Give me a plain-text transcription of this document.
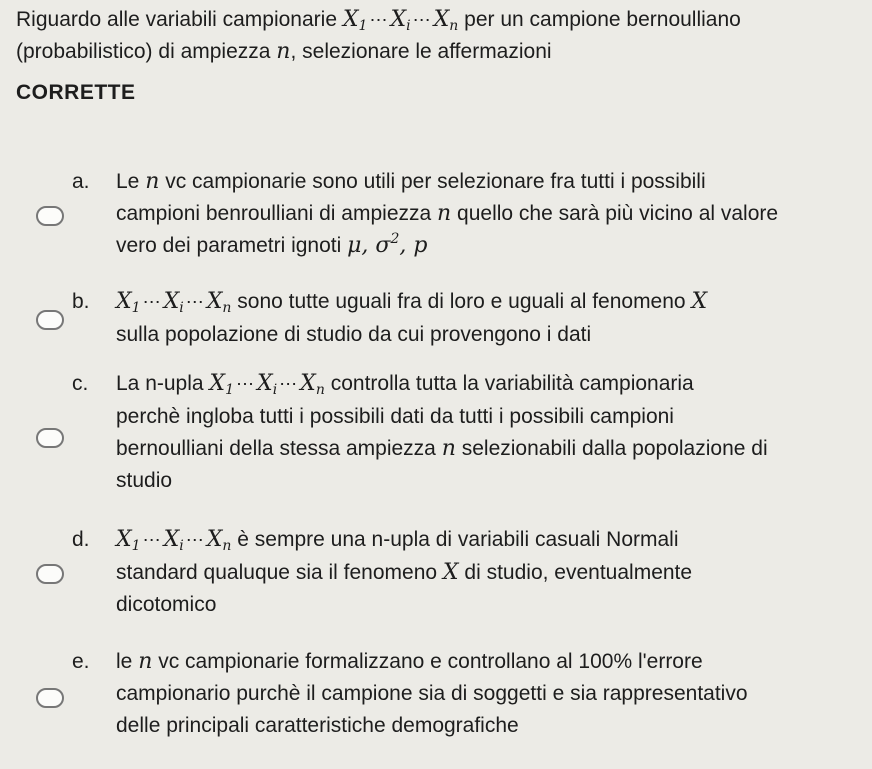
Riguardo alle variabili campionarie $X_1$ $\cdots X_i$ $\cdots X_n$ per un campione bernoulliano (probabilistico) di ampiezza n, selezionare le affermazioni
CORRETTE
a. Le n vc campionarie sono utili per selezionare fra tutti i possibili
campioni benroulliani di ampiezza n quello che sarà più vicino al valore
vero dei parametri ignoti μ, $\sigma^2$, p
b. $X_1$ $\cdots X_i$ $\cdots X_n$ sono tutte uguali fra di loro e uguali al fenomeno X
sulla popolazione di studio da cui provengono i dati
c. La n-upla $X_1$ $\cdots X_i$ $\cdots X_n$ controlla tutta la variabilità campionaria
perchè ingloba tutti i possibili dati da tutti i possibili campioni
bernoulliani della stessa ampiezza n selezionabili dalla popolazione di
studio
d. $X_1$ $\cdots X_i$ $\cdots X_n$ è sempre una n-upla di variabili casuali Normali
standard qualuque sia il fenomeno X di studio, eventualmente
dicotomico
e. le n vc campionarie formalizzano e controllano al 100% l'errore
campionario purchè il campione sia di soggetti e sia rappresentativo
delle principali caratteristiche demografiche
